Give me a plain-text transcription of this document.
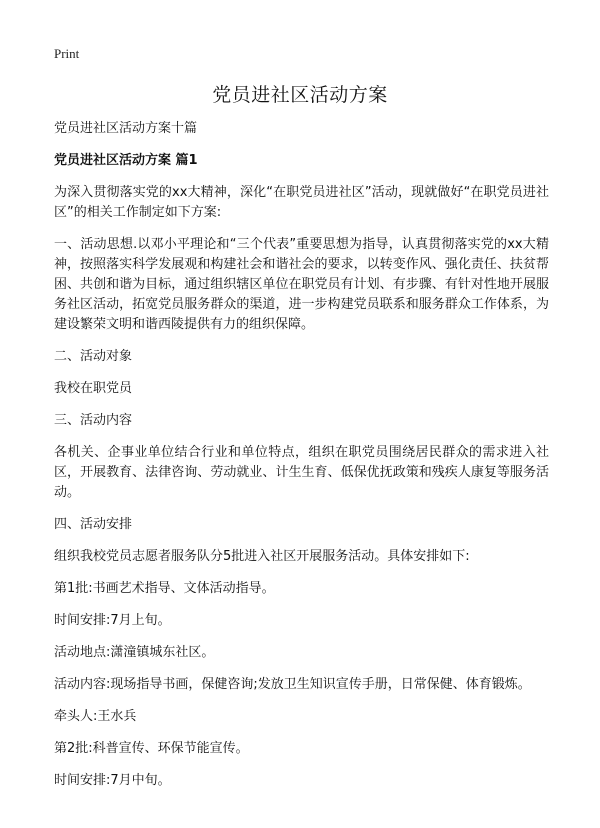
Print
党员进社区活动方案

党员进社区活动方案十篇

党员进社区活动方案 篇1

为深入贯彻落实党的xx大精神，深化“在职党员进社区”活动，现就做好“在职党员进社区”的相关工作制定如下方案:

一、活动思想.以邓小平理论和“三个代表”重要思想为指导，认真贯彻落实党的xx大精神，按照落实科学发展观和构建社会和谐社会的要求，以转变作风、强化责任、扶贫帮困、共创和谐为目标，通过组织辖区单位在职党员有计划、有步骤、有针对性地开展服务社区活动，拓宽党员服务群众的渠道，进一步构建党员联系和服务群众工作体系，为建设繁荣文明和谐西陵提供有力的组织保障。

二、活动对象

我校在职党员

三、活动内容

各机关、企事业单位结合行业和单位特点，组织在职党员围绕居民群众的需求进入社区，开展教育、法律咨询、劳动就业、计生生育、低保优抚政策和残疾人康复等服务活动。

四、活动安排

组织我校党员志愿者服务队分5批进入社区开展服务活动。具体安排如下:

第1批:书画艺术指导、文体活动指导。

时间安排:7月上旬。

活动地点:潇潼镇城东社区。

活动内容:现场指导书画，保健咨询;发放卫生知识宣传手册，日常保健、体育锻炼。

牵头人:王水兵

第2批:科普宣传、环保节能宣传。

时间安排:7月中旬。
